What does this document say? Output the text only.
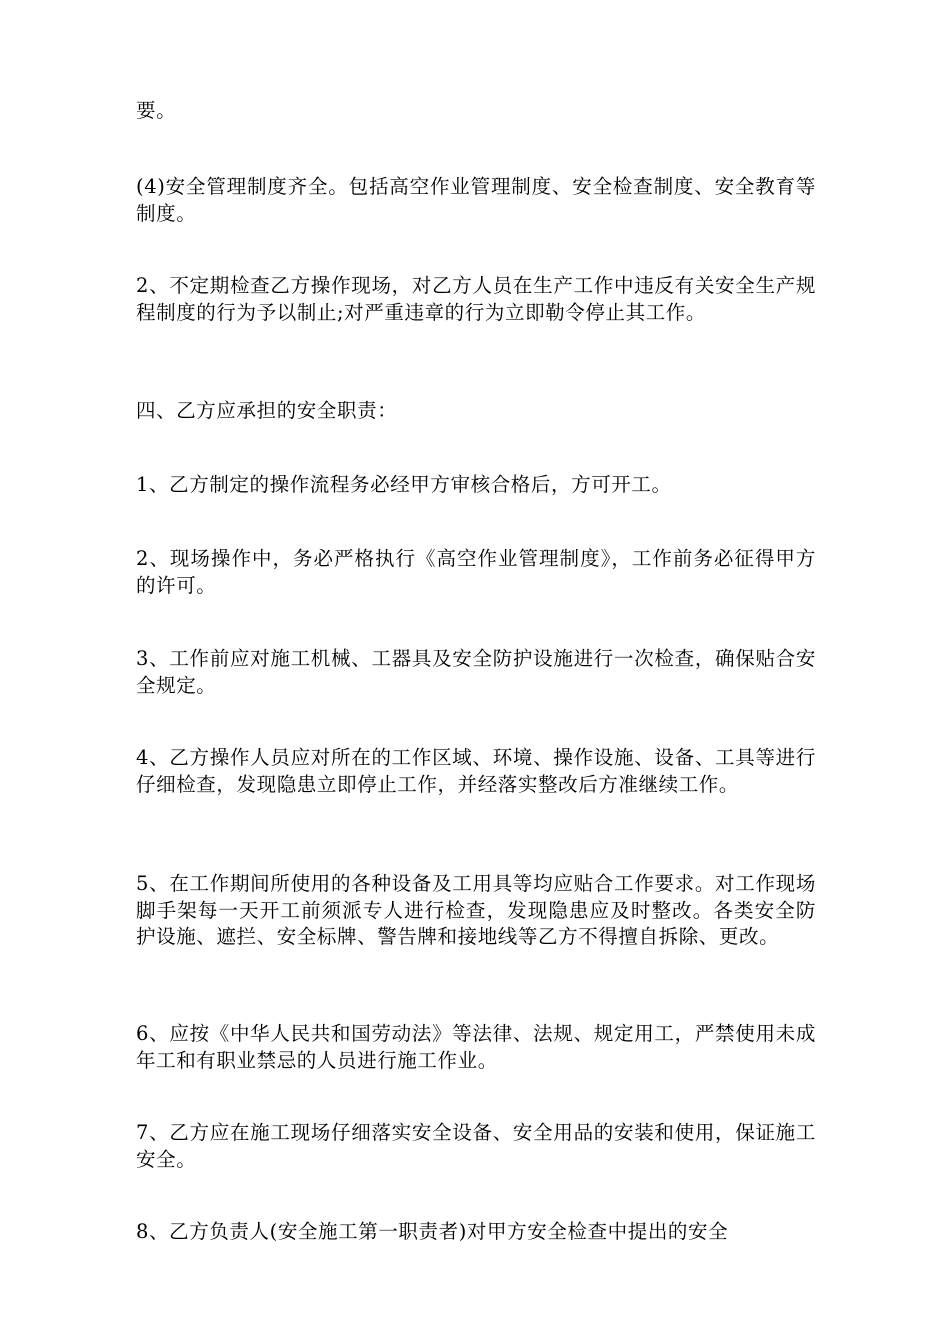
要。

(4)安全管理制度齐全。包括高空作业管理制度、安全检查制度、安全教育等制度。

2、不定期检查乙方操作现场，对乙方人员在生产工作中违反有关安全生产规程制度的行为予以制止;对严重违章的行为立即勒令停止其工作。

四、乙方应承担的安全职责：

1、乙方制定的操作流程务必经甲方审核合格后，方可开工。

2、现场操作中，务必严格执行《高空作业管理制度》，工作前务必征得甲方的许可。

3、工作前应对施工机械、工器具及安全防护设施进行一次检查，确保贴合安全规定。

4、乙方操作人员应对所在的工作区域、环境、操作设施、设备、工具等进行仔细检查，发现隐患立即停止工作，并经落实整改后方准继续工作。

5、在工作期间所使用的各种设备及工用具等均应贴合工作要求。对工作现场脚手架每一天开工前须派专人进行检查，发现隐患应及时整改。各类安全防护设施、遮拦、安全标牌、警告牌和接地线等乙方不得擅自拆除、更改。

6、应按《中华人民共和国劳动法》等法律、法规、规定用工，严禁使用未成年工和有职业禁忌的人员进行施工作业。

7、乙方应在施工现场仔细落实安全设备、安全用品的安装和使用，保证施工安全。

8、乙方负责人(安全施工第一职责者)对甲方安全检查中提出的安全
